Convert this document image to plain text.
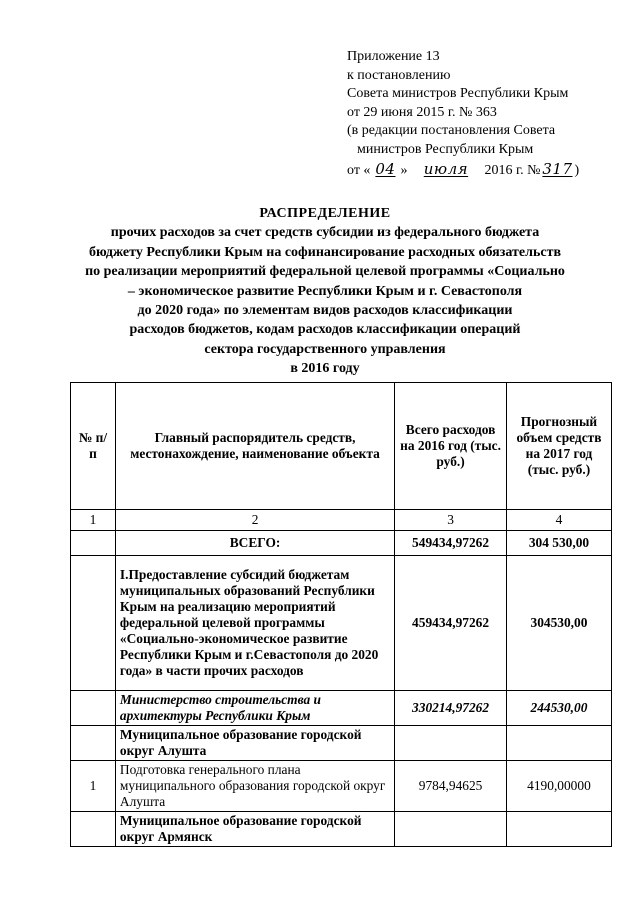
Приложение 13
к постановлению
Совета министров Республики Крым
от 29 июня 2015 г. № 363
(в редакции постановления Совета
министров Республики Крым
от « 04 » июля 2016 г. № 317 )
РАСПРЕДЕЛЕНИЕ
прочих расходов за счет средств субсидии из федерального бюджета
бюджету Республики Крым на софинансирование расходных обязательств
по реализации мероприятий федеральной целевой программы «Социально
– экономическое развитие Республики Крым и г. Севастополя
до 2020 года» по элементам видов расходов классификации
расходов бюджетов, кодам расходов классификации операций
сектора государственного управления
в 2016 году
№ п/п	Главный распорядитель средств, местонахождение, наименование объекта	Всего расходов на 2016 год (тыс. руб.)	Прогнозный объем средств на 2017 год (тыс. руб.)
1	2	3	4
	ВСЕГО:	549434,97262	304 530,00
	I.Предоставление субсидий бюджетам муниципальных образований Республики Крым на реализацию мероприятий федеральной целевой программы «Социально-экономическое развитие Республики Крым и г.Севастополя до 2020 года» в части прочих расходов	459434,97262	304530,00
	Министерство строительства и архитектуры Республики Крым	330214,97262	244530,00
	Муниципальное образование городской округ Алушта		
1	Подготовка генерального плана муниципального образования городской округ Алушта	9784,94625	4190,00000
	Муниципальное образование городской округ Армянск		
